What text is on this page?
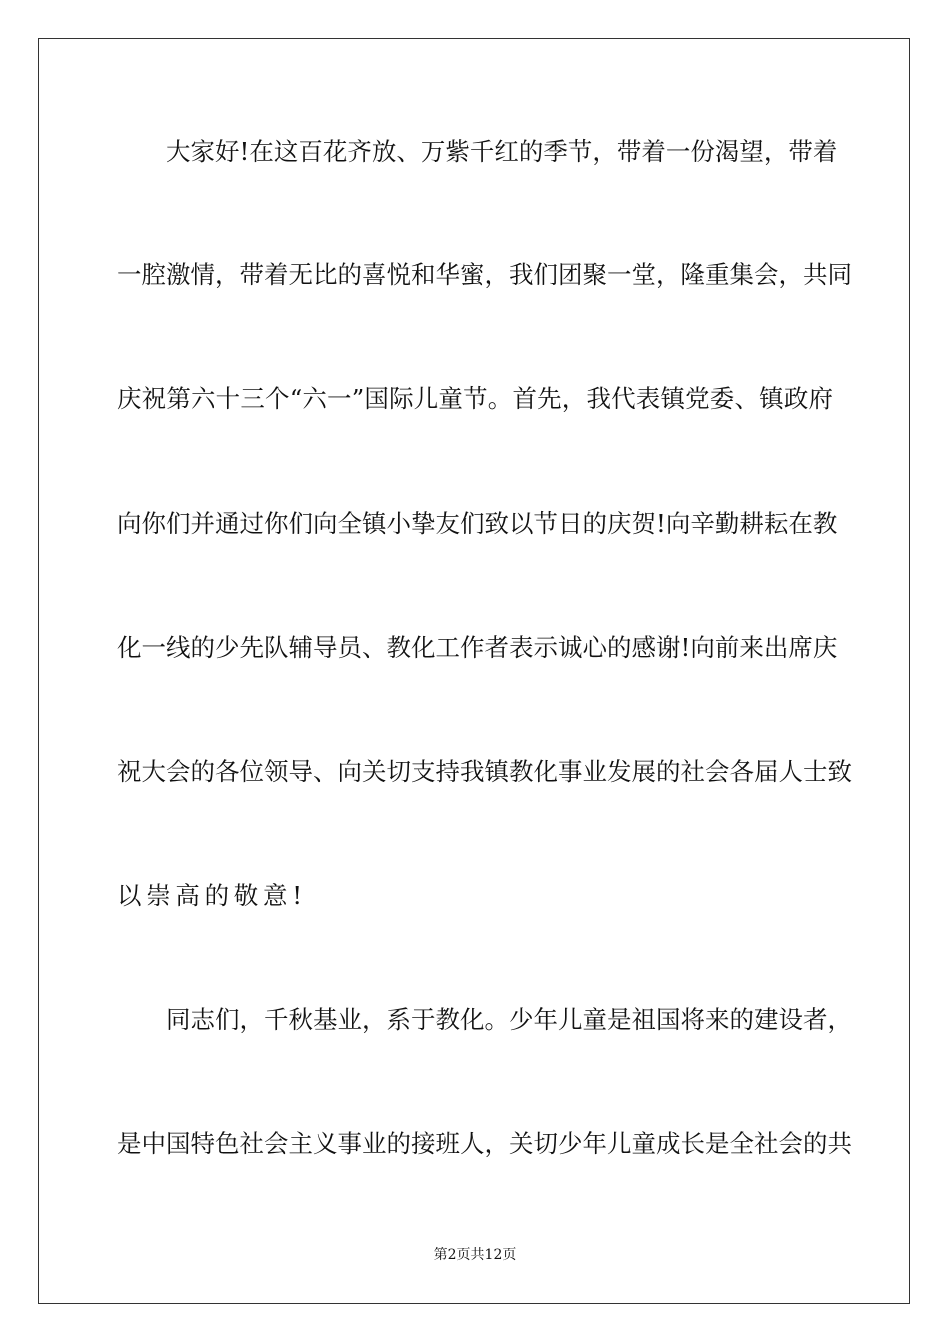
大家好!在这百花齐放、万紫千红的季节，带着一份渴望，带着
一腔激情，带着无比的喜悦和华蜜，我们团聚一堂，隆重集会，共同
庆祝第六十三个“六一”国际儿童节。首先，我代表镇党委、镇政府
向你们并通过你们向全镇小挚友们致以节日的庆贺!向辛勤耕耘在教
化一线的少先队辅导员、教化工作者表示诚心的感谢!向前来出席庆
祝大会的各位领导、向关切支持我镇教化事业发展的社会各届人士致
以崇高的敬意!
同志们，千秋基业，系于教化。少年儿童是祖国将来的建设者，
是中国特色社会主义事业的接班人，关切少年儿童成长是全社会的共
第2页共12页
